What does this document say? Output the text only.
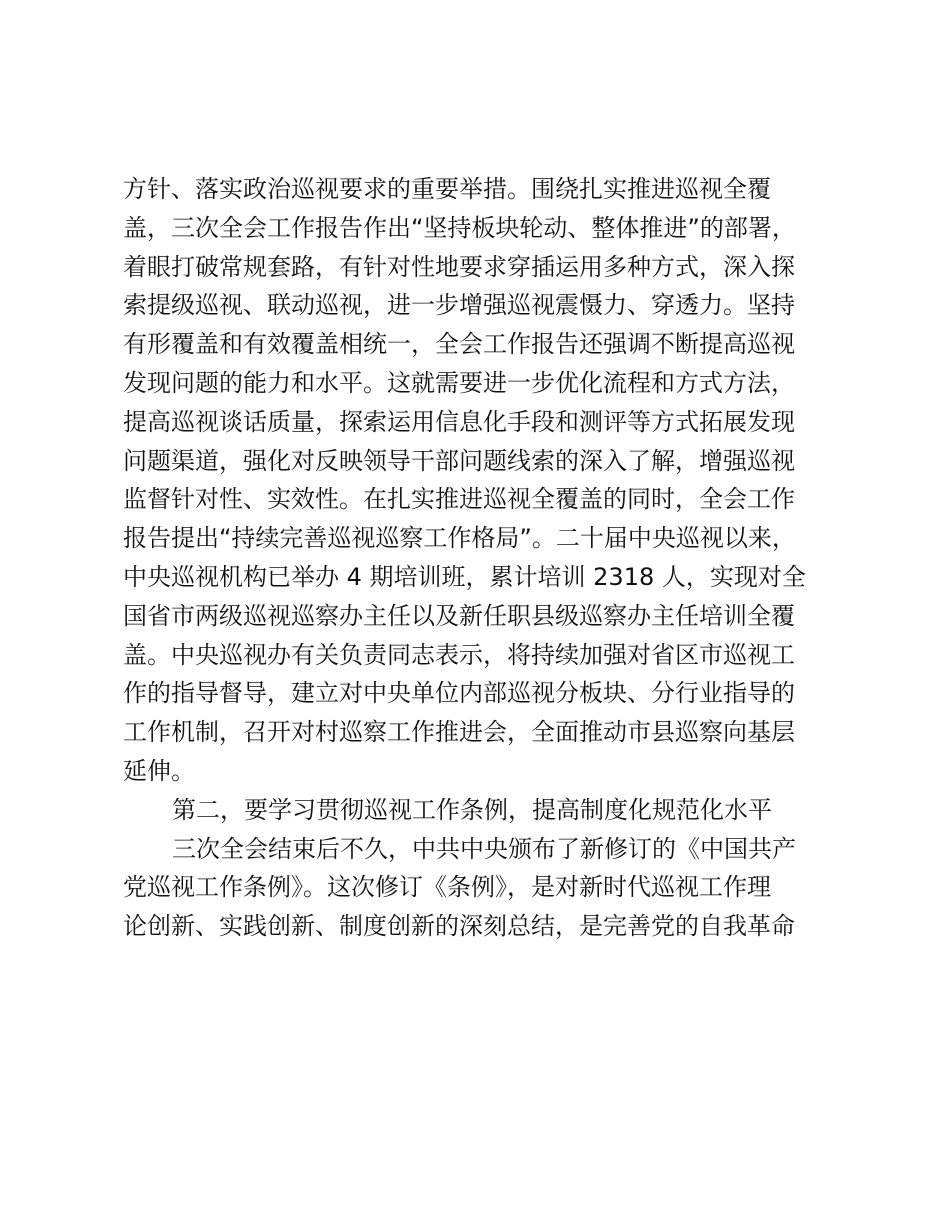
方针、落实政治巡视要求的重要举措。围绕扎实推进巡视全覆
盖，三次全会工作报告作出“坚持板块轮动、整体推进”的部署，
着眼打破常规套路，有针对性地要求穿插运用多种方式，深入探
索提级巡视、联动巡视，进一步增强巡视震慑力、穿透力。坚持
有形覆盖和有效覆盖相统一，全会工作报告还强调不断提高巡视
发现问题的能力和水平。这就需要进一步优化流程和方式方法，
提高巡视谈话质量，探索运用信息化手段和测评等方式拓展发现
问题渠道，强化对反映领导干部问题线索的深入了解，增强巡视
监督针对性、实效性。在扎实推进巡视全覆盖的同时，全会工作
报告提出“持续完善巡视巡察工作格局”。二十届中央巡视以来，
中央巡视机构已举办 4 期培训班，累计培训 2318 人，实现对全
国省市两级巡视巡察办主任以及新任职县级巡察办主任培训全覆
盖。中央巡视办有关负责同志表示，将持续加强对省区市巡视工
作的指导督导，建立对中央单位内部巡视分板块、分行业指导的
工作机制，召开对村巡察工作推进会，全面推动市县巡察向基层
延伸。
第二，要学习贯彻巡视工作条例，提高制度化规范化水平
三次全会结束后不久，中共中央颁布了新修订的《中国共产
党巡视工作条例》。这次修订《条例》，是对新时代巡视工作理
论创新、实践创新、制度创新的深刻总结，是完善党的自我革命
